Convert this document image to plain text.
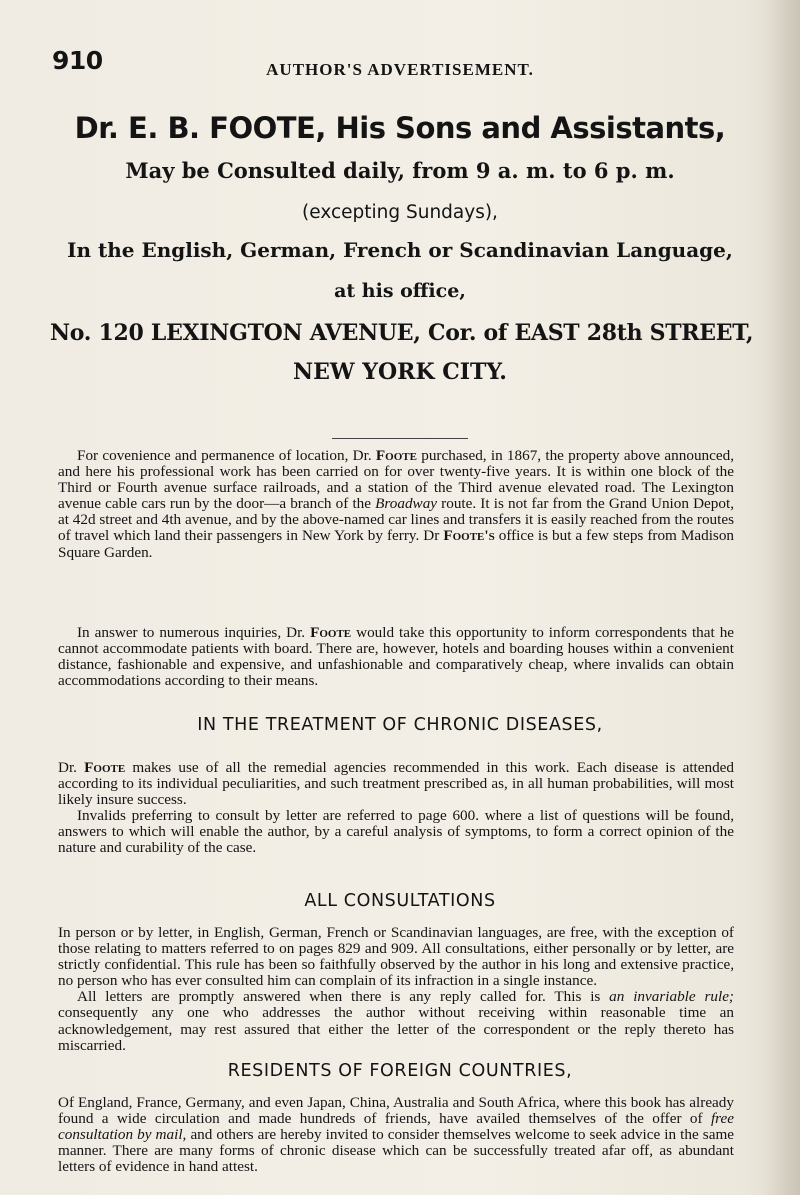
910	AUTHOR'S ADVERTISEMENT.
Dr. E. B. FOOTE, His Sons and Assistants,
May be Consulted daily, from 9 a. m. to 6 p. m.
(excepting Sundays),
In the English, German, French or Scandinavian Language,
at his office,
No. 120 LEXINGTON AVENUE, Cor. of EAST 28th STREET,
NEW YORK CITY.

For covenience and permanence of location, Dr. Foote purchased, in 1867, the property above announced, and here his professional work has been carried on for over twenty-five years. It is within one block of the Third or Fourth avenue surface railroads, and a station of the Third avenue elevated road. The Lexington avenue cable cars run by the door—a branch of the Broadway route. It is not far from the Grand Union Depot, at 42d street and 4th avenue, and by the above-named car lines and transfers it is easily reached from the routes of travel which land their passengers in New York by ferry. Dr Foote's office is but a few steps from Madison Square Garden.

In answer to numerous inquiries, Dr. Foote would take this opportunity to inform correspondents that he cannot accommodate patients with board. There are, however, hotels and boarding houses within a convenient distance, fashionable and expensive, and unfashionable and comparatively cheap, where invalids can obtain accommodations according to their means.

IN THE TREATMENT OF CHRONIC DISEASES,

Dr. Foote makes use of all the remedial agencies recommended in this work. Each disease is attended according to its individual peculiarities, and such treatment prescribed as, in all human probabilities, will most likely insure success.

Invalids preferring to consult by letter are referred to page 600. where a list of questions will be found, answers to which will enable the author, by a careful analysis of symptoms, to form a correct opinion of the nature and curability of the case.

ALL CONSULTATIONS

In person or by letter, in English, German, French or Scandinavian languages, are free, with the exception of those relating to matters referred to on pages 829 and 909. All consultations, either personally or by letter, are strictly confidential. This rule has been so faithfully observed by the author in his long and extensive practice, no person who has ever consulted him can complain of its infraction in a single instance.

All letters are promptly answered when there is any reply called for. This is an invariable rule; consequently any one who addresses the author without receiving within reasonable time an acknowledgement, may rest assured that either the letter of the correspondent or the reply thereto has miscarried.

RESIDENTS OF FOREIGN COUNTRIES,

Of England, France, Germany, and even Japan, China, Australia and South Africa, where this book has already found a wide circulation and made hundreds of friends, have availed themselves of the offer of free consultation by mail, and others are hereby invited to consider themselves welcome to seek advice in the same manner. There are many forms of chronic disease which can be successfully treated afar off, as abundant letters of evidence in hand attest.
